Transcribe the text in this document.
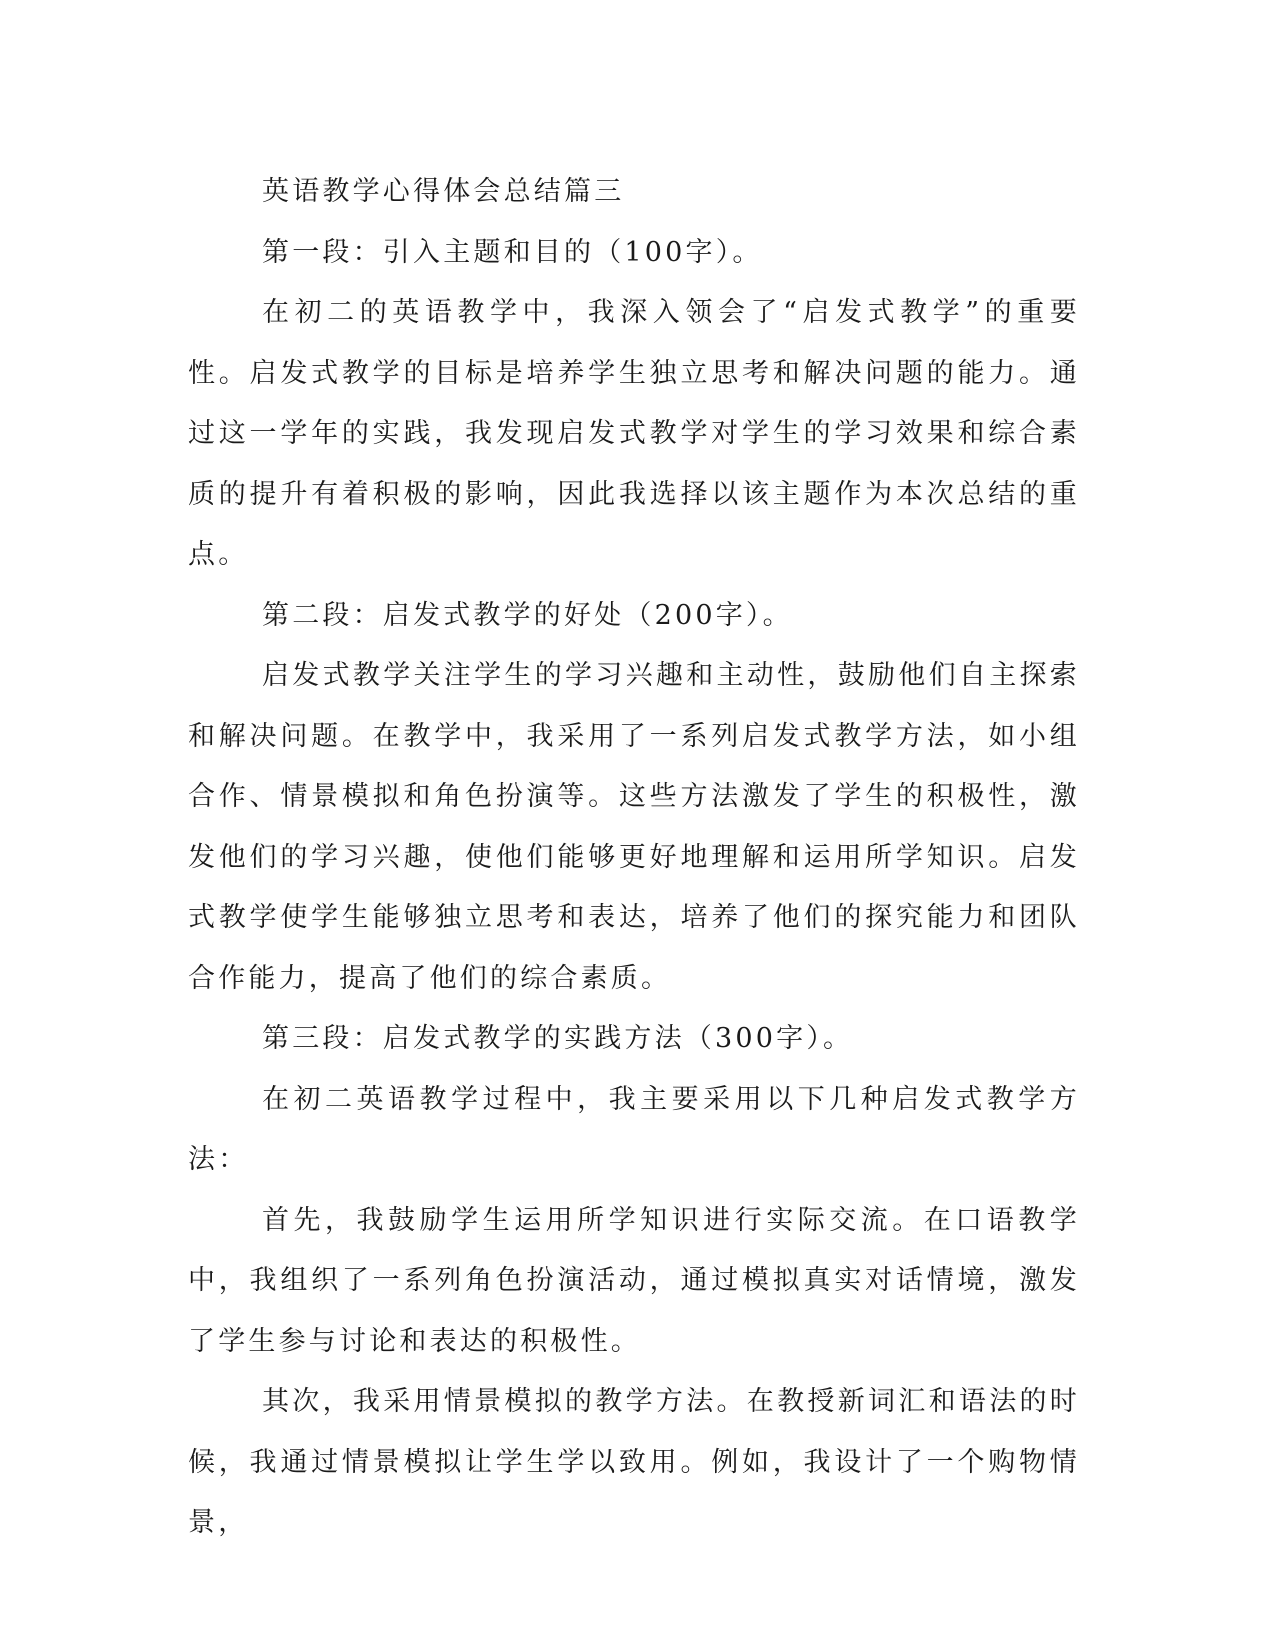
英语教学心得体会总结篇三

第一段：引入主题和目的（100字）。

在初二的英语教学中，我深入领会了“启发式教学”的重要性。启发式教学的目标是培养学生独立思考和解决问题的能力。通过这一学年的实践，我发现启发式教学对学生的学习效果和综合素质的提升有着积极的影响，因此我选择以该主题作为本次总结的重点。

第二段：启发式教学的好处（200字）。

启发式教学关注学生的学习兴趣和主动性，鼓励他们自主探索和解决问题。在教学中，我采用了一系列启发式教学方法，如小组合作、情景模拟和角色扮演等。这些方法激发了学生的积极性，激发他们的学习兴趣，使他们能够更好地理解和运用所学知识。启发式教学使学生能够独立思考和表达，培养了他们的探究能力和团队合作能力，提高了他们的综合素质。

第三段：启发式教学的实践方法（300字）。

在初二英语教学过程中，我主要采用以下几种启发式教学方法：

首先，我鼓励学生运用所学知识进行实际交流。在口语教学中，我组织了一系列角色扮演活动，通过模拟真实对话情境，激发了学生参与讨论和表达的积极性。

其次，我采用情景模拟的教学方法。在教授新词汇和语法的时候，我通过情景模拟让学生学以致用。例如，我设计了一个购物情景，
